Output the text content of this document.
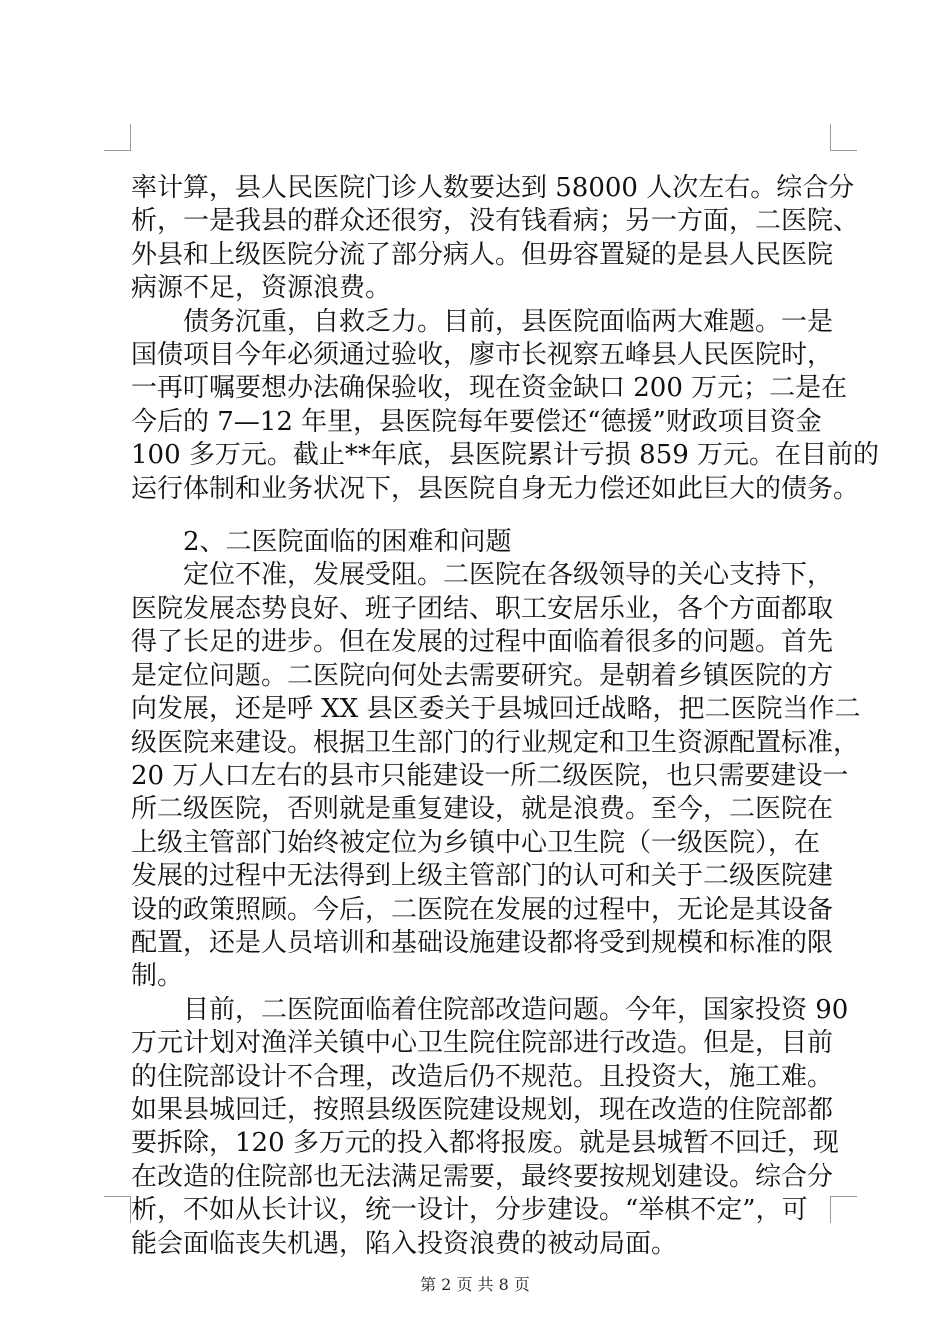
率计算，县人民医院门诊人数要达到 58000 人次左右。综合分
析，一是我县的群众还很穷，没有钱看病；另一方面，二医院、
外县和上级医院分流了部分病人。但毋容置疑的是县人民医院
病源不足，资源浪费。
债务沉重，自救乏力。目前，县医院面临两大难题。一是
国债项目今年必须通过验收，廖市长视察五峰县人民医院时，
一再叮嘱要想办法确保验收，现在资金缺口 200 万元；二是在
今后的 7—12 年里，县医院每年要偿还“德援”财政项目资金
100 多万元。截止**年底，县医院累计亏损 859 万元。在目前的
运行体制和业务状况下，县医院自身无力偿还如此巨大的债务。
2、二医院面临的困难和问题
定位不准，发展受阻。二医院在各级领导的关心支持下，
医院发展态势良好、班子团结、职工安居乐业，各个方面都取
得了长足的进步。但在发展的过程中面临着很多的问题。首先
是定位问题。二医院向何处去需要研究。是朝着乡镇医院的方
向发展，还是呼 XX 县区委关于县城回迁战略，把二医院当作二
级医院来建设。根据卫生部门的行业规定和卫生资源配置标准，
20 万人口左右的县市只能建设一所二级医院，也只需要建设一
所二级医院，否则就是重复建设，就是浪费。至今，二医院在
上级主管部门始终被定位为乡镇中心卫生院（一级医院），在
发展的过程中无法得到上级主管部门的认可和关于二级医院建
设的政策照顾。今后，二医院在发展的过程中，无论是其设备
配置，还是人员培训和基础设施建设都将受到规模和标准的限
制。
目前，二医院面临着住院部改造问题。今年，国家投资 90
万元计划对渔洋关镇中心卫生院住院部进行改造。但是，目前
的住院部设计不合理，改造后仍不规范。且投资大，施工难。
如果县城回迁，按照县级医院建设规划，现在改造的住院部都
要拆除，120 多万元的投入都将报废。就是县城暂不回迁，现
在改造的住院部也无法满足需要，最终要按规划建设。综合分
析，不如从长计议，统一设计，分步建设。“举棋不定”，可
能会面临丧失机遇，陷入投资浪费的被动局面。
第 2 页 共 8 页
